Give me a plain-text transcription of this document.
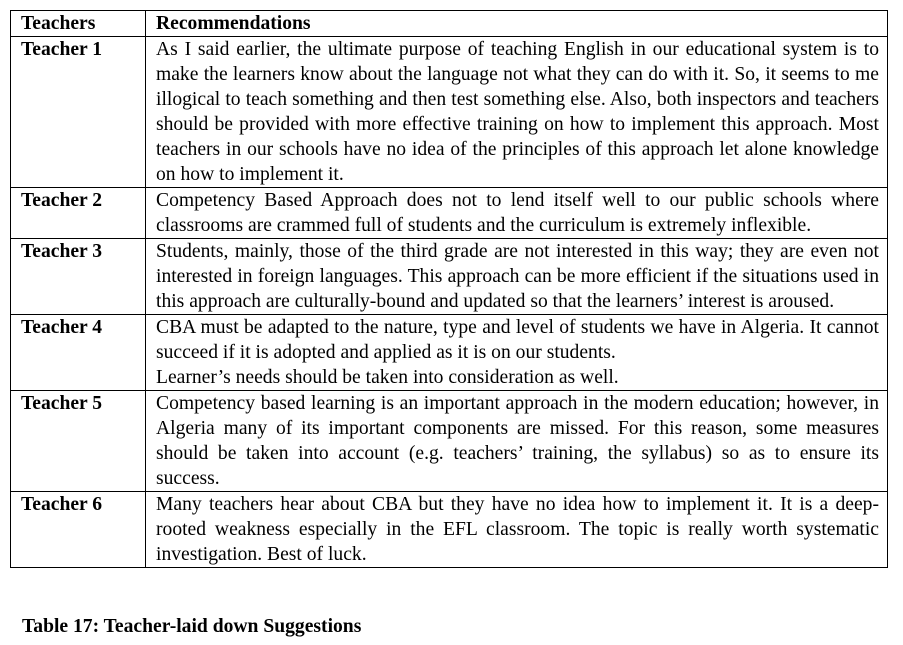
Teachers	Recommendations
Teacher 1	As I said earlier, the ultimate purpose of teaching English in our educational system is to make the learners know about the language not what they can do with it. So, it seems to me illogical to teach something and then test something else. Also, both inspectors and teachers should be provided with more effective training on how to implement this approach. Most teachers in our schools have no idea of the principles of this approach let alone knowledge on how to implement it.
Teacher 2	Competency Based Approach does not to lend itself well to our public schools where classrooms are crammed full of students and the curriculum is extremely inflexible.
Teacher 3	Students, mainly, those of the third grade are not interested in this way; they are even not interested in foreign languages. This approach can be more efficient if the situations used in this approach are culturally-bound and updated so that the learners’ interest is aroused.
Teacher 4	CBA must be adapted to the nature, type and level of students we have in Algeria. It cannot succeed if it is adopted and applied as it is on our students.
Learner’s needs should be taken into consideration as well.
Teacher 5	Competency based learning is an important approach in the modern education; however, in Algeria many of its important components are missed. For this reason, some measures should be taken into account (e.g. teachers’ training, the syllabus) so as to ensure its success.
Teacher 6	Many teachers hear about CBA but they have no idea how to implement it. It is a deep-rooted weakness especially in the EFL classroom. The topic is really worth systematic investigation. Best of luck.
Table 17: Teacher-laid down Suggestions
